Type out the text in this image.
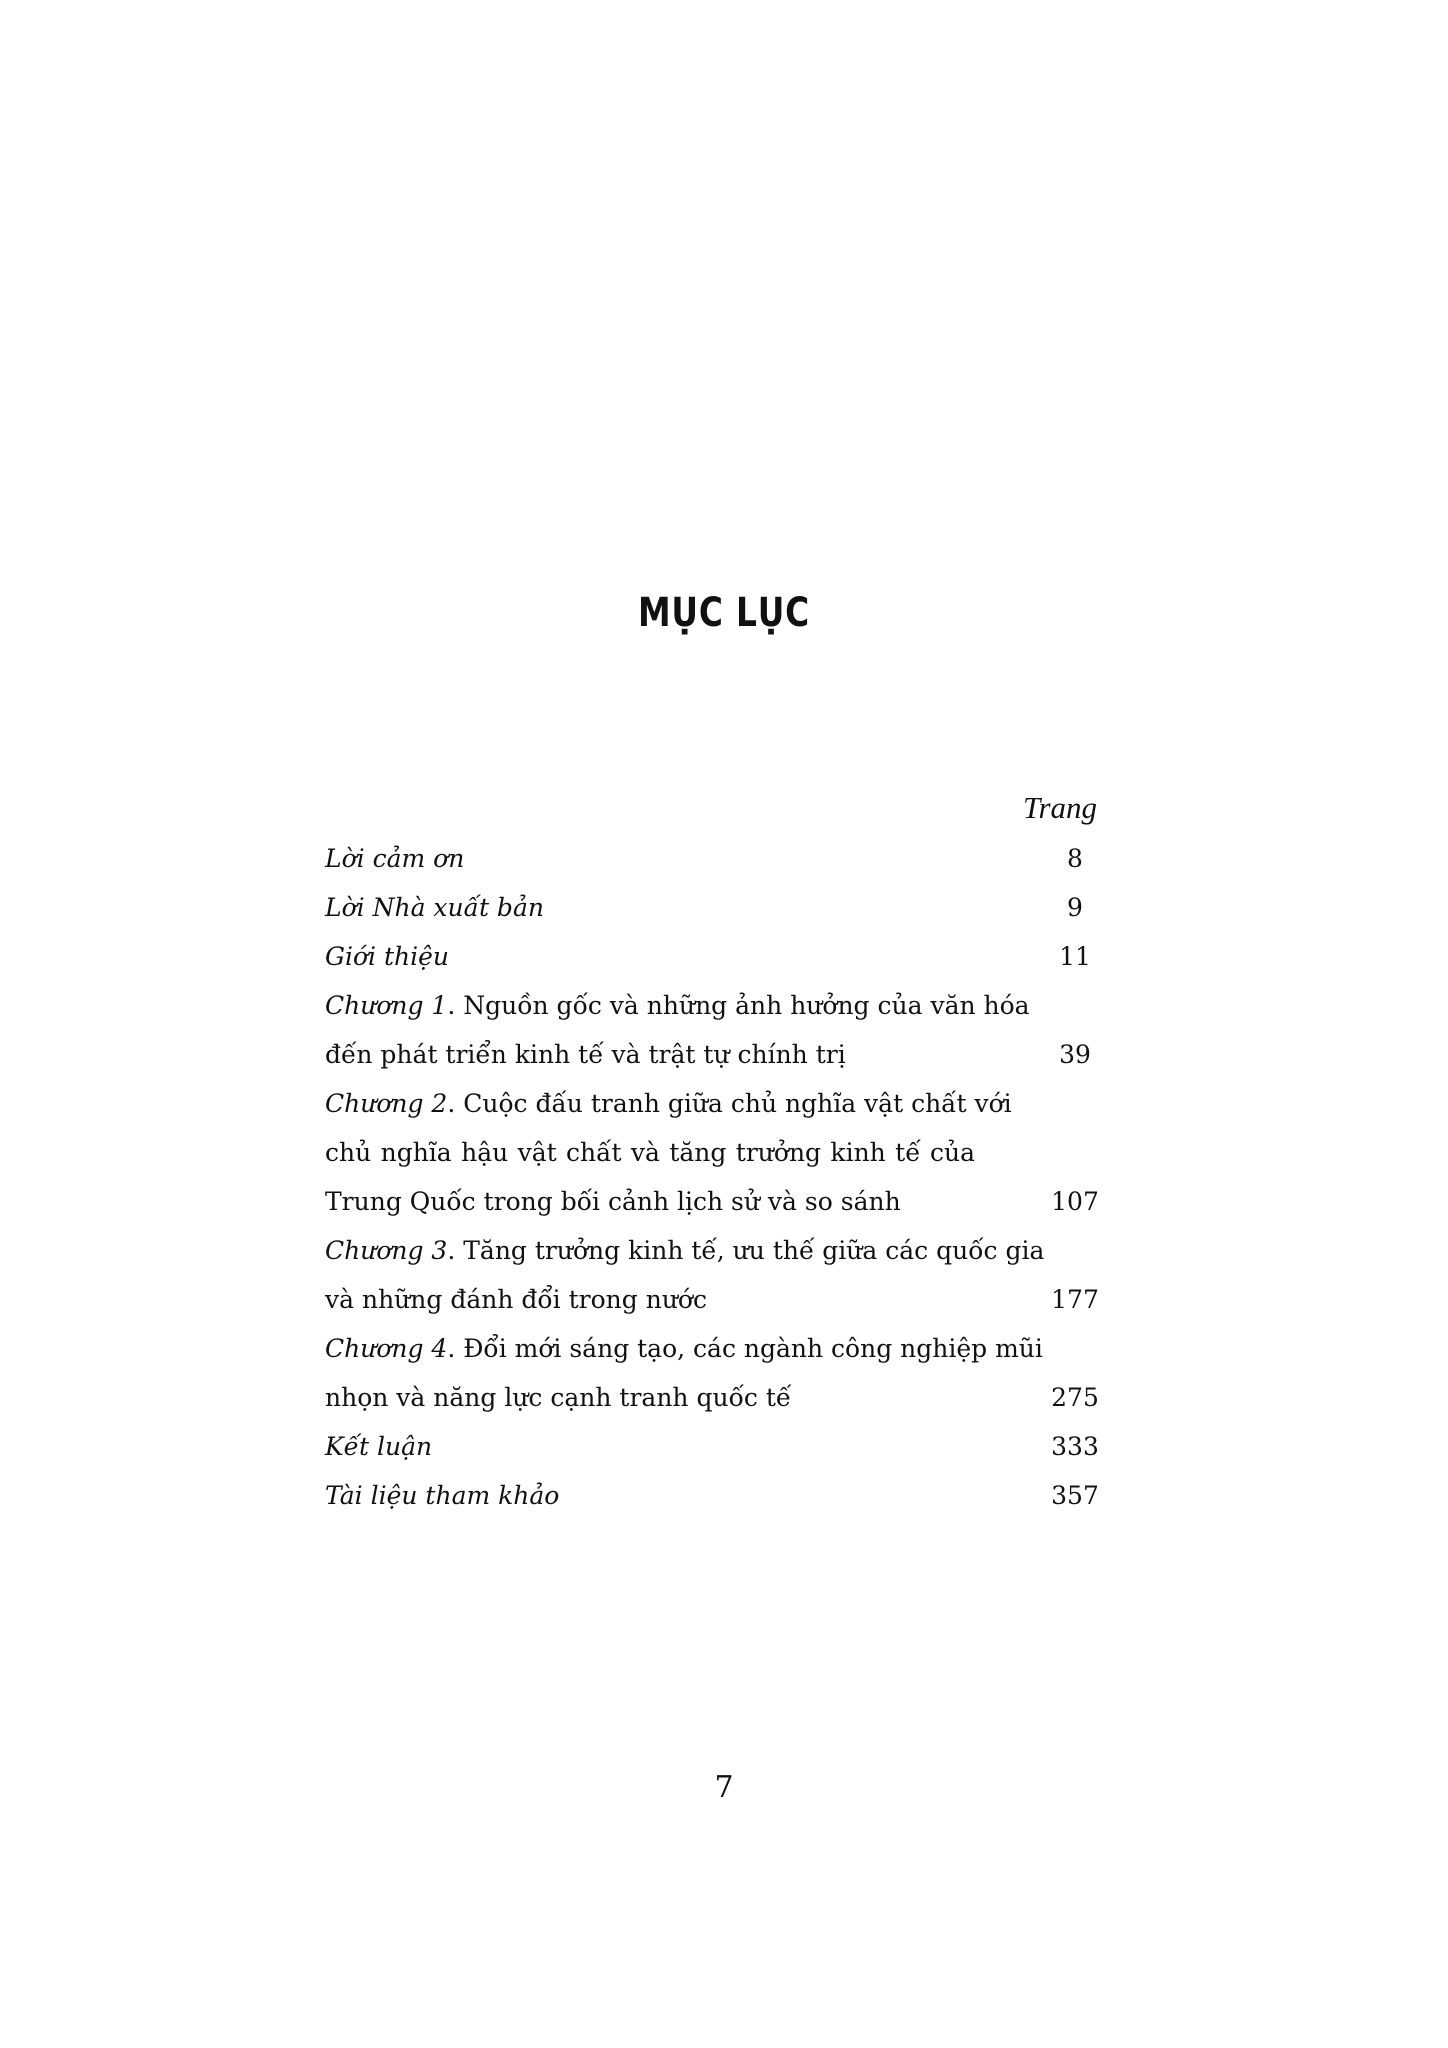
MỤC LỤC
Trang
Lời cảm ơn	8
Lời Nhà xuất bản	9
Giới thiệu	11
Chương 1. Nguồn gốc và những ảnh hưởng của văn hóa
đến phát triển kinh tế và trật tự chính trị	39
Chương 2. Cuộc đấu tranh giữa chủ nghĩa vật chất với
chủ nghĩa hậu vật chất và tăng trưởng kinh tế của
Trung Quốc trong bối cảnh lịch sử và so sánh	107
Chương 3. Tăng trưởng kinh tế, ưu thế giữa các quốc gia
và những đánh đổi trong nước	177
Chương 4. Đổi mới sáng tạo, các ngành công nghiệp mũi
nhọn và năng lực cạnh tranh quốc tế	275
Kết luận	333
Tài liệu tham khảo	357
7
